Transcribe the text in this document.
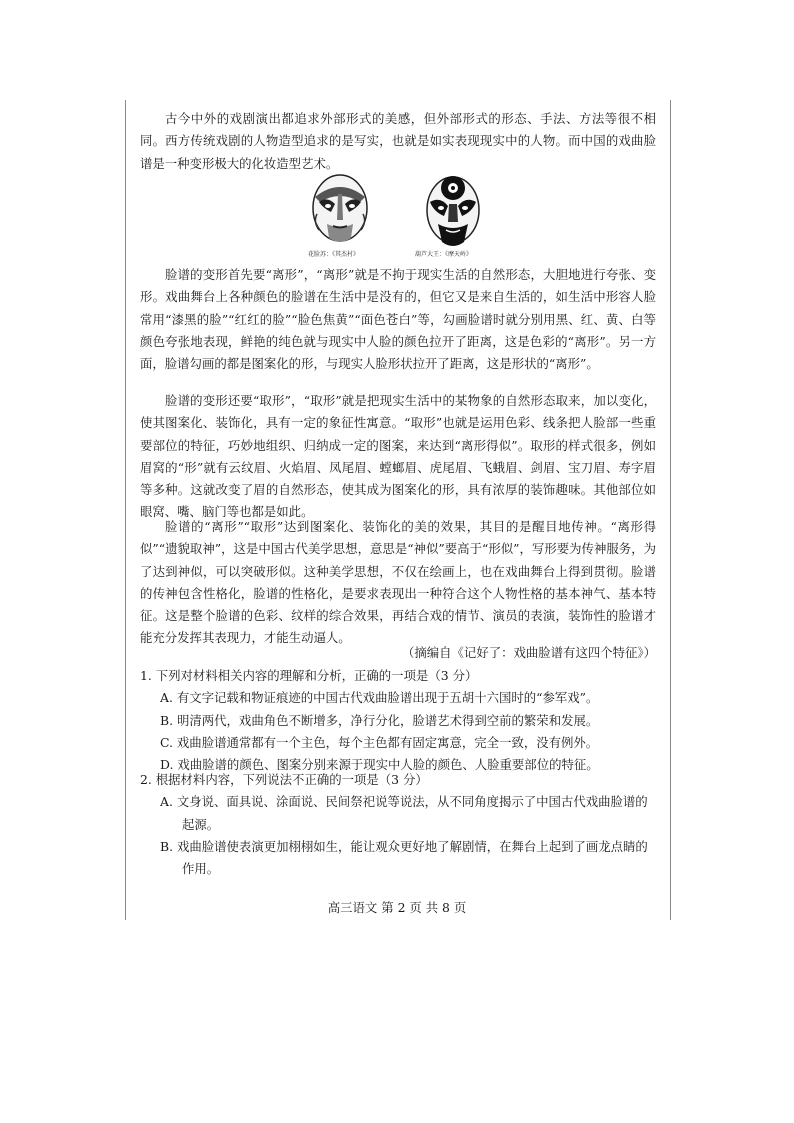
古今中外的戏剧演出都追求外部形式的美感，但外部形式的形态、手法、方法等很不相同。西方传统戏剧的人物造型追求的是写实，也就是如实表现现实中的人物。而中国的戏曲脸谱是一种变形极大的化妆造型艺术。

花脸苏：《其杰村》	葫芦大王：《摩天岭》

脸谱的变形首先要“离形”，“离形”就是不拘于现实生活的自然形态，大胆地进行夸张、变形。戏曲舞台上各种颜色的脸谱在生活中是没有的，但它又是来自生活的，如生活中形容人脸常用“漆黑的脸”“红红的脸”“脸色焦黄”“面色苍白”等，勾画脸谱时就分别用黑、红、黄、白等颜色夸张地表现，鲜艳的纯色就与现实中人脸的颜色拉开了距离，这是色彩的“离形”。另一方面，脸谱勾画的都是图案化的形，与现实人脸形状拉开了距离，这是形状的“离形”。

脸谱的变形还要“取形”，“取形”就是把现实生活中的某物象的自然形态取来，加以变化，使其图案化、装饰化，具有一定的象征性寓意。“取形”也就是运用色彩、线条把人脸部一些重要部位的特征，巧妙地组织、归纳成一定的图案，来达到“离形得似”。取形的样式很多，例如眉窝的“形”就有云纹眉、火焰眉、凤尾眉、螳螂眉、虎尾眉、飞蛾眉、剑眉、宝刀眉、寿字眉等多种。这就改变了眉的自然形态，使其成为图案化的形，具有浓厚的装饰趣味。其他部位如眼窝、嘴、脑门等也都是如此。

脸谱的“离形”“取形”达到图案化、装饰化的美的效果，其目的是醒目地传神。“离形得似”“遗貌取神”，这是中国古代美学思想，意思是“神似”要高于“形似”，写形要为传神服务，为了达到神似，可以突破形似。这种美学思想，不仅在绘画上，也在戏曲舞台上得到贯彻。脸谱的传神包含性格化，脸谱的性格化，是要求表现出一种符合这个人物性格的基本神气、基本特征。这是整个脸谱的色彩、纹样的综合效果，再结合戏的情节、演员的表演，装饰性的脸谱才能充分发挥其表现力，才能生动逼人。

（摘编自《记好了：戏曲脸谱有这四个特征》）

1. 下列对材料相关内容的理解和分析，正确的一项是（3 分）

A. 有文字记载和物证痕迹的中国古代戏曲脸谱出现于五胡十六国时的“参军戏”。

B. 明清两代，戏曲角色不断增多，净行分化，脸谱艺术得到空前的繁荣和发展。

C. 戏曲脸谱通常都有一个主色，每个主色都有固定寓意，完全一致，没有例外。

D. 戏曲脸谱的颜色、图案分别来源于现实中人脸的颜色、人脸重要部位的特征。

2. 根据材料内容，下列说法不正确的一项是（3 分）

A. 文身说、面具说、涂面说、民间祭祀说等说法，从不同角度揭示了中国古代戏曲脸谱的起源。

B. 戏曲脸谱使表演更加栩栩如生，能让观众更好地了解剧情，在舞台上起到了画龙点睛的作用。

高三语文 第 2 页 共 8 页
